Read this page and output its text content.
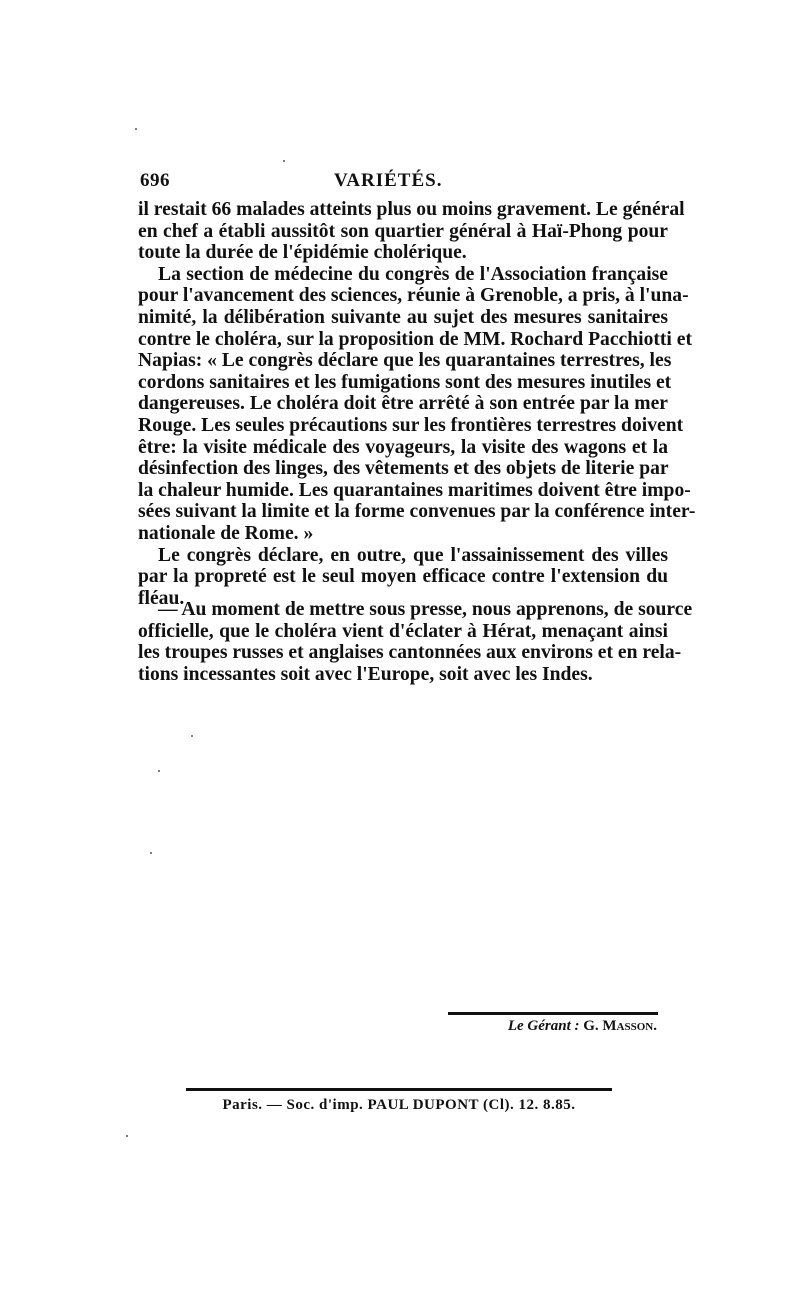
696	VARIÉTÉS.

il restait 66 malades atteints plus ou moins gravement. Le général
en chef a établi aussitôt son quartier général à Haï-Phong pour
toute la durée de l'épidémie cholérique.

La section de médecine du congrès de l'Association française
pour l'avancement des sciences, réunie à Grenoble, a pris, à l'una-
nimité, la délibération suivante au sujet des mesures sanitaires
contre le choléra, sur la proposition de MM. Rochard Pacchiotti et
Napias: « Le congrès déclare que les quarantaines terrestres, les
cordons sanitaires et les fumigations sont des mesures inutiles et
dangereuses. Le choléra doit être arrêté à son entrée par la mer
Rouge. Les seules précautions sur les frontières terrestres doivent
être: la visite médicale des voyageurs, la visite des wagons et la
désinfection des linges, des vêtements et des objets de literie par
la chaleur humide. Les quarantaines maritimes doivent être impo-
sées suivant la limite et la forme convenues par la conférence inter-
nationale de Rome. »

Le congrès déclare, en outre, que l'assainissement des villes
par la propreté est le seul moyen efficace contre l'extension du
fléau.

— Au moment de mettre sous presse, nous apprenons, de source
officielle, que le choléra vient d'éclater à Hérat, menaçant ainsi
les troupes russes et anglaises cantonnées aux environs et en rela-
tions incessantes soit avec l'Europe, soit avec les Indes.

Le Gérant : G. Masson.
Paris. — Soc. d'imp. PAUL DUPONT (Cl). 12. 8.85.
